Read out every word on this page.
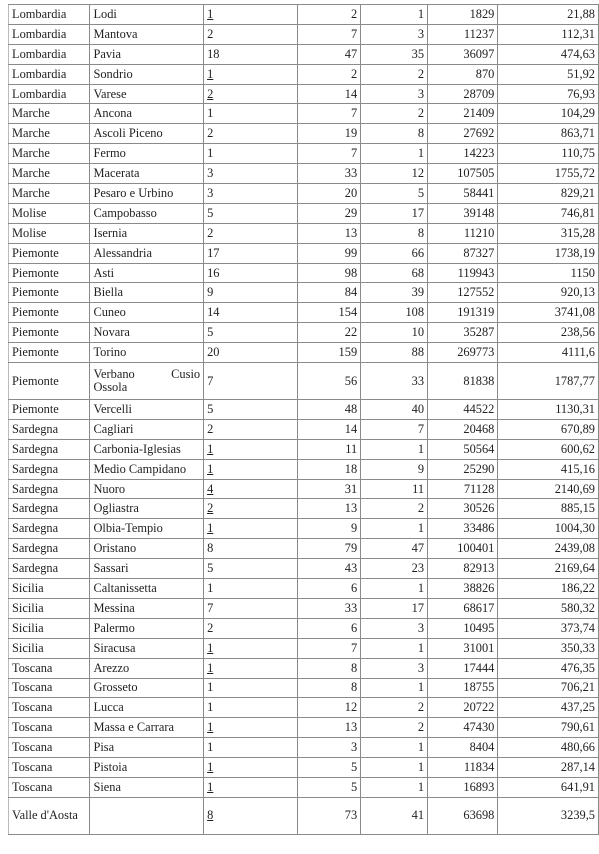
Lombardia	Lodi	1	2	1	1829	21,88
Lombardia	Mantova	2	7	3	11237	112,31
Lombardia	Pavia	18	47	35	36097	474,63
Lombardia	Sondrio	1	2	2	870	51,92
Lombardia	Varese	2	14	3	28709	76,93
Marche	Ancona	1	7	2	21409	104,29
Marche	Ascoli Piceno	2	19	8	27692	863,71
Marche	Fermo	1	7	1	14223	110,75
Marche	Macerata	3	33	12	107505	1755,72
Marche	Pesaro e Urbino	3	20	5	58441	829,21
Molise	Campobasso	5	29	17	39148	746,81
Molise	Isernia	2	13	8	11210	315,28
Piemonte	Alessandria	17	99	66	87327	1738,19
Piemonte	Asti	16	98	68	119943	1150
Piemonte	Biella	9	84	39	127552	920,13
Piemonte	Cuneo	14	154	108	191319	3741,08
Piemonte	Novara	5	22	10	35287	238,56
Piemonte	Torino	20	159	88	269773	4111,6
Piemonte	Verbano Cusio Ossola	7	56	33	81838	1787,77
Piemonte	Vercelli	5	48	40	44522	1130,31
Sardegna	Cagliari	2	14	7	20468	670,89
Sardegna	Carbonia-Iglesias	1	11	1	50564	600,62
Sardegna	Medio Campidano	1	18	9	25290	415,16
Sardegna	Nuoro	4	31	11	71128	2140,69
Sardegna	Ogliastra	2	13	2	30526	885,15
Sardegna	Olbia-Tempio	1	9	1	33486	1004,30
Sardegna	Oristano	8	79	47	100401	2439,08
Sardegna	Sassari	5	43	23	82913	2169,64
Sicilia	Caltanissetta	1	6	1	38826	186,22
Sicilia	Messina	7	33	17	68617	580,32
Sicilia	Palermo	2	6	3	10495	373,74
Sicilia	Siracusa	1	7	1	31001	350,33
Toscana	Arezzo	1	8	3	17444	476,35
Toscana	Grosseto	1	8	1	18755	706,21
Toscana	Lucca	1	12	2	20722	437,25
Toscana	Massa e Carrara	1	13	2	47430	790,61
Toscana	Pisa	1	3	1	8404	480,66
Toscana	Pistoia	1	5	1	11834	287,14
Toscana	Siena	1	5	1	16893	641,91
Valle d'Aosta		8	73	41	63698	3239,5
